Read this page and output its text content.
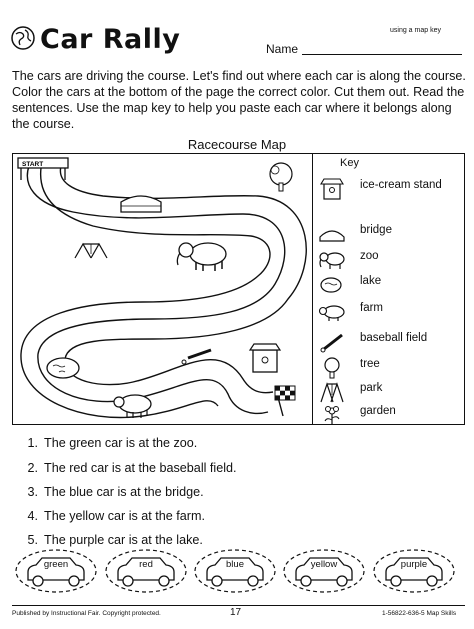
Car Rally	using a map key
Name
The cars are driving the course. Let's find out where each car is along the course. Color the cars at the bottom of the page the correct color. Cut them out. Read the sentences. Use the map key to help you paste each car where it belongs along the course.
Racecourse Map
START	Key
ice-cream stand
bridge
zoo
lake
farm
baseball field
tree
park
garden
1. The green car is at the zoo.
2. The red car is at the baseball field.
3. The blue car is at the bridge.
4. The yellow car is at the farm.
5. The purple car is at the lake.
green	red	blue	yellow	purple
Published by Instructional Fair. Copyright protected.	17	1-56822-636-5 Map Skills
